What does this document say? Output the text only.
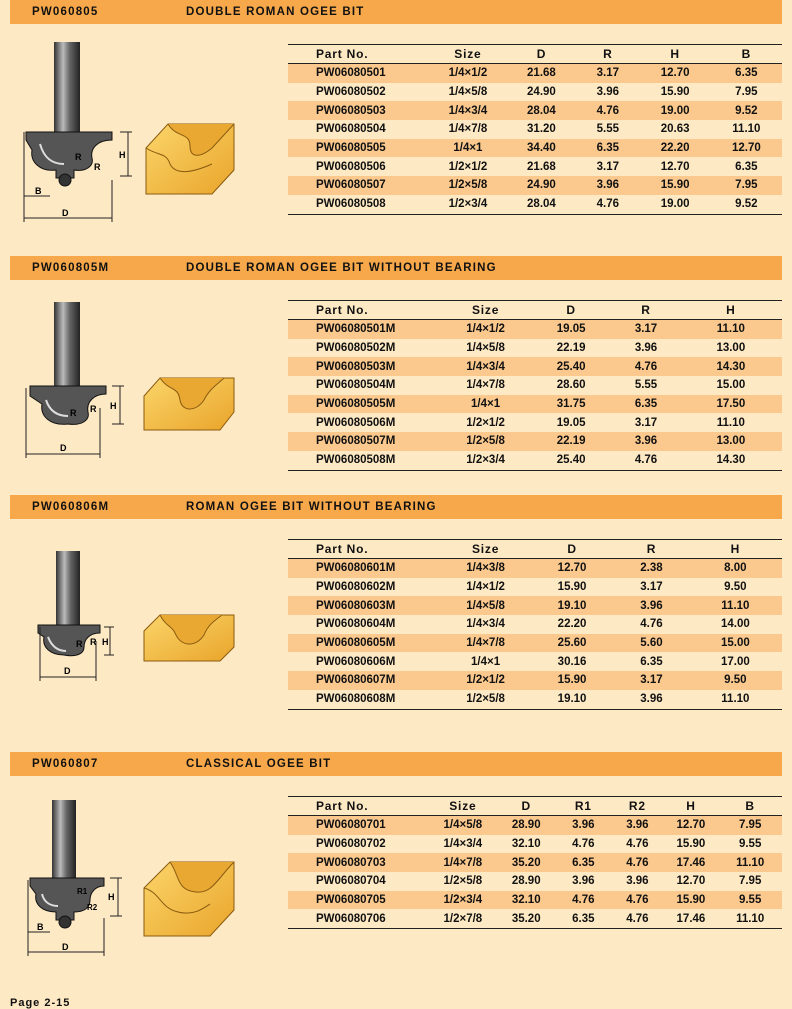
PW060805	DOUBLE ROMAN OGEE BIT
H
R
R
D
B
Part No.	Size	D	R	H	B
PW06080501	1/4×1/2	21.68	3.17	12.70	6.35
PW06080502	1/4×5/8	24.90	3.96	15.90	7.95
PW06080503	1/4×3/4	28.04	4.76	19.00	9.52
PW06080504	1/4×7/8	31.20	5.55	20.63	11.10
PW06080505	1/4×1	34.40	6.35	22.20	12.70
PW06080506	1/2×1/2	21.68	3.17	12.70	6.35
PW06080507	1/2×5/8	24.90	3.96	15.90	7.95
PW06080508	1/2×3/4	28.04	4.76	19.00	9.52
PW060805M	DOUBLE ROMAN OGEE BIT WITHOUT BEARING
H
R R
D
Part No.	Size	D	R	H
PW06080501M	1/4×1/2	19.05	3.17	11.10
PW06080502M	1/4×5/8	22.19	3.96	13.00
PW06080503M	1/4×3/4	25.40	4.76	14.30
PW06080504M	1/4×7/8	28.60	5.55	15.00
PW06080505M	1/4×1	31.75	6.35	17.50
PW06080506M	1/2×1/2	19.05	3.17	11.10
PW06080507M	1/2×5/8	22.19	3.96	13.00
PW06080508M	1/2×3/4	25.40	4.76	14.30
PW060806M	ROMAN OGEE BIT WITHOUT BEARING
H
R R
D
Part No.	Size	D	R	H
PW06080601M	1/4×3/8	12.70	2.38	8.00
PW06080602M	1/4×1/2	15.90	3.17	9.50
PW06080603M	1/4×5/8	19.10	3.96	11.10
PW06080604M	1/4×3/4	22.20	4.76	14.00
PW06080605M	1/4×7/8	25.60	5.60	15.00
PW06080606M	1/4×1	30.16	6.35	17.00
PW06080607M	1/2×1/2	15.90	3.17	9.50
PW06080608M	1/2×5/8	19.10	3.96	11.10
PW060807	CLASSICAL OGEE BIT
H
R1
R2
D
B
Part No.	Size	D	R1	R2	H	B
PW06080701	1/4×5/8	28.90	3.96	3.96	12.70	7.95
PW06080702	1/4×3/4	32.10	4.76	4.76	15.90	9.55
PW06080703	1/4×7/8	35.20	6.35	4.76	17.46	11.10
PW06080704	1/2×5/8	28.90	3.96	3.96	12.70	7.95
PW06080705	1/2×3/4	32.10	4.76	4.76	15.90	9.55
PW06080706	1/2×7/8	35.20	6.35	4.76	17.46	11.10
Page 2-15
